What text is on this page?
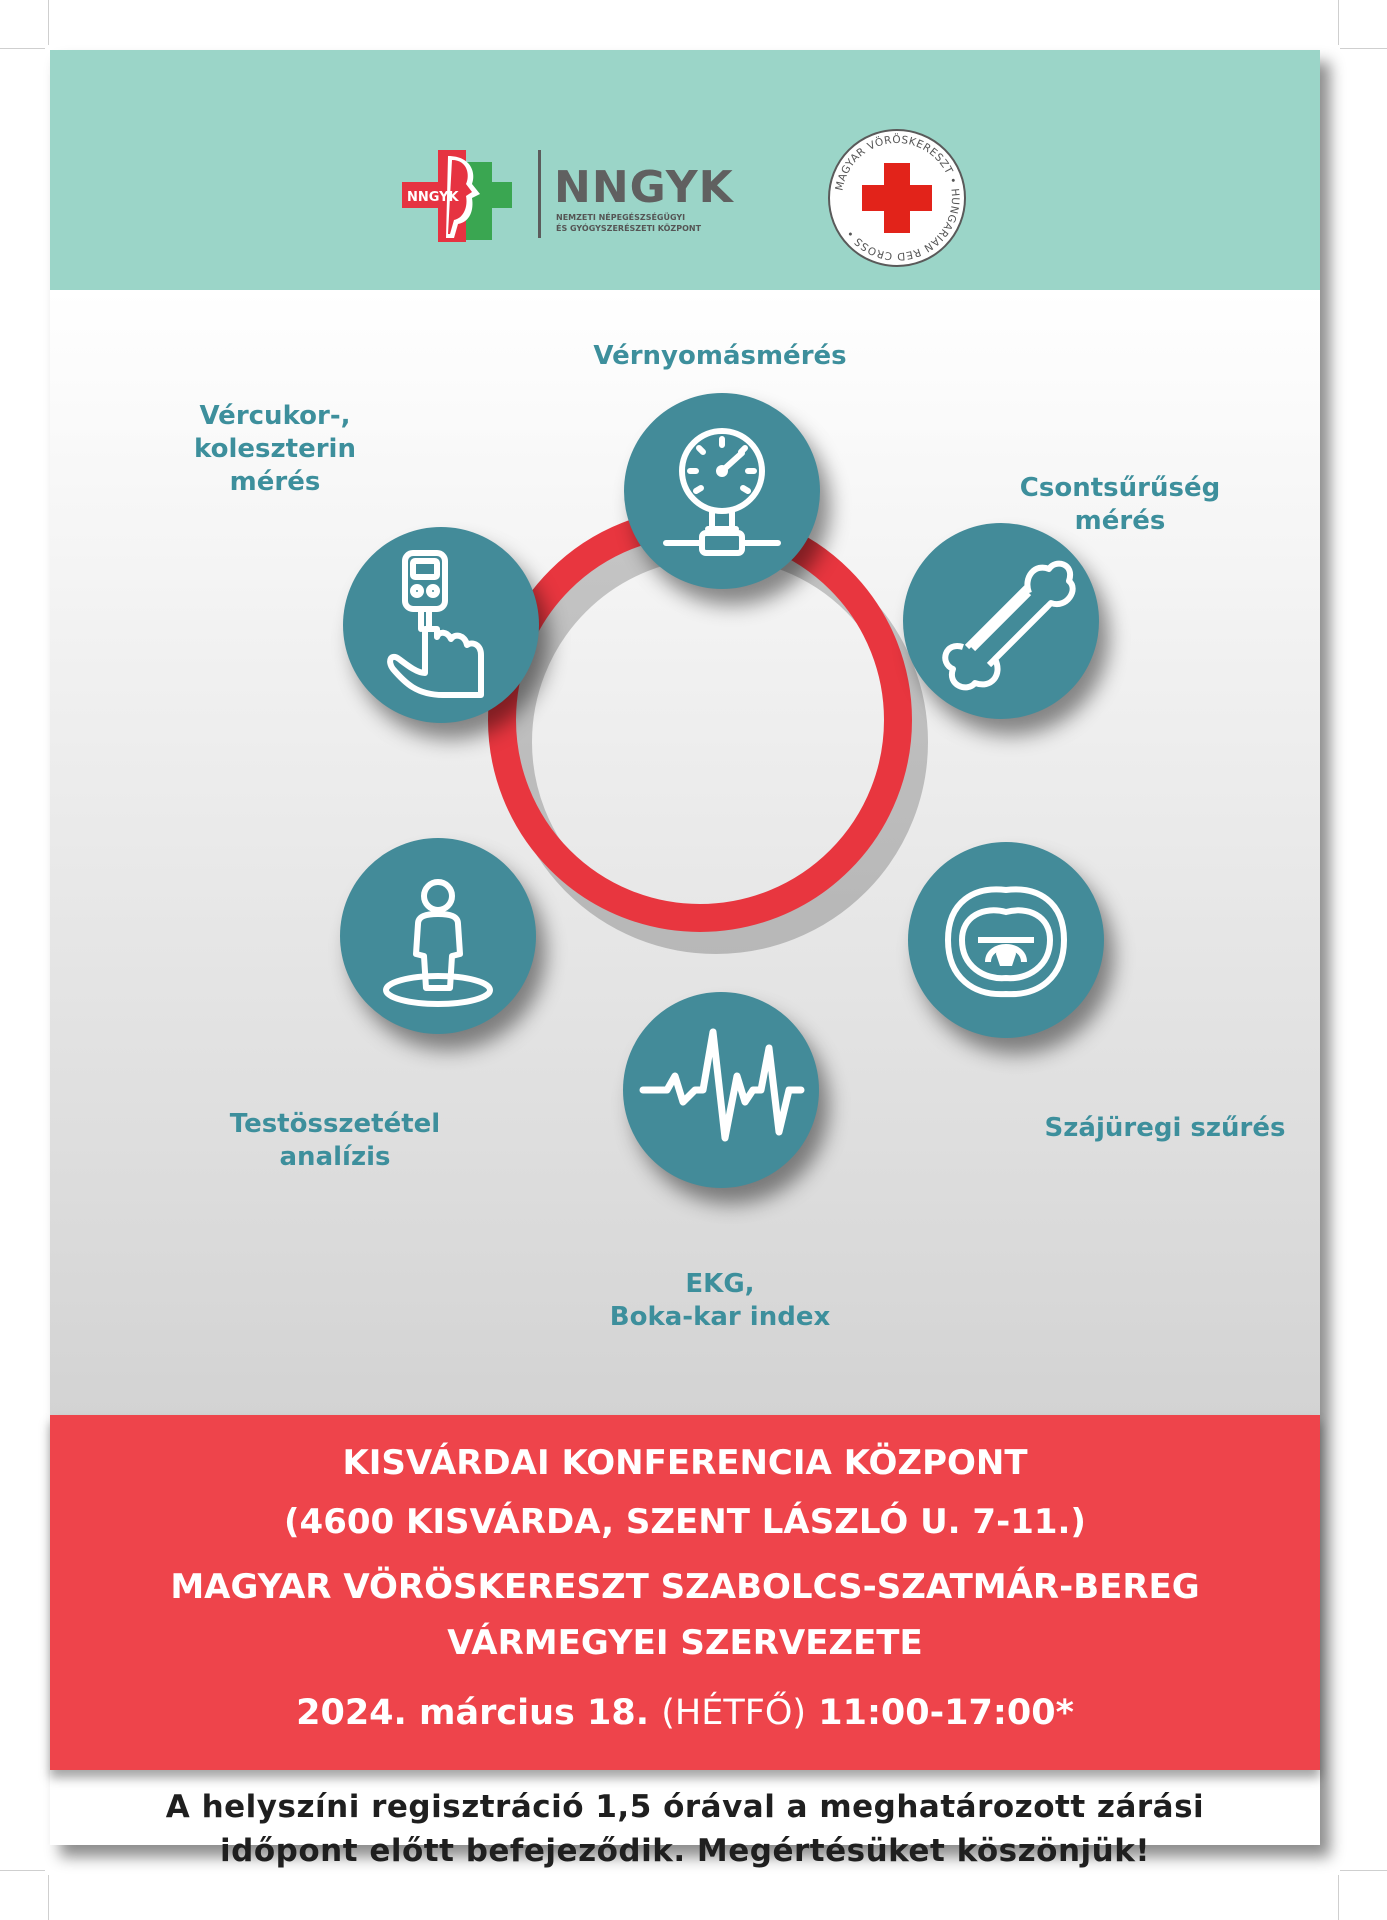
NNGYK NNGYK
NEMZETI NÉPEGÉSZSÉGÜGYI
ÉS GYÓGYSZERÉSZETI KÖZPONT
MAGYAR VÖRÖSKERESZT • HUNGARIAN RED CROSS •
Vérnyomásmérés
Csontsűrűség
mérés
Szájüregi szűrés
EKG,
Boka-kar index
Testösszetétel
analízis
Vércukor-,
koleszterin
mérés
KISVÁRDAI KONFERENCIA KÖZPONT
(4600 KISVÁRDA, SZENT LÁSZLÓ U. 7-11.)
MAGYAR VÖRÖSKERESZT SZABOLCS-SZATMÁR-BEREG
VÁRMEGYEI SZERVEZETE
2024. március 18. (HÉTFŐ) 11:00-17:00*
A helyszíni regisztráció 1,5 órával a meghatározott zárási
időpont előtt befejeződik. Megértésüket köszönjük!
